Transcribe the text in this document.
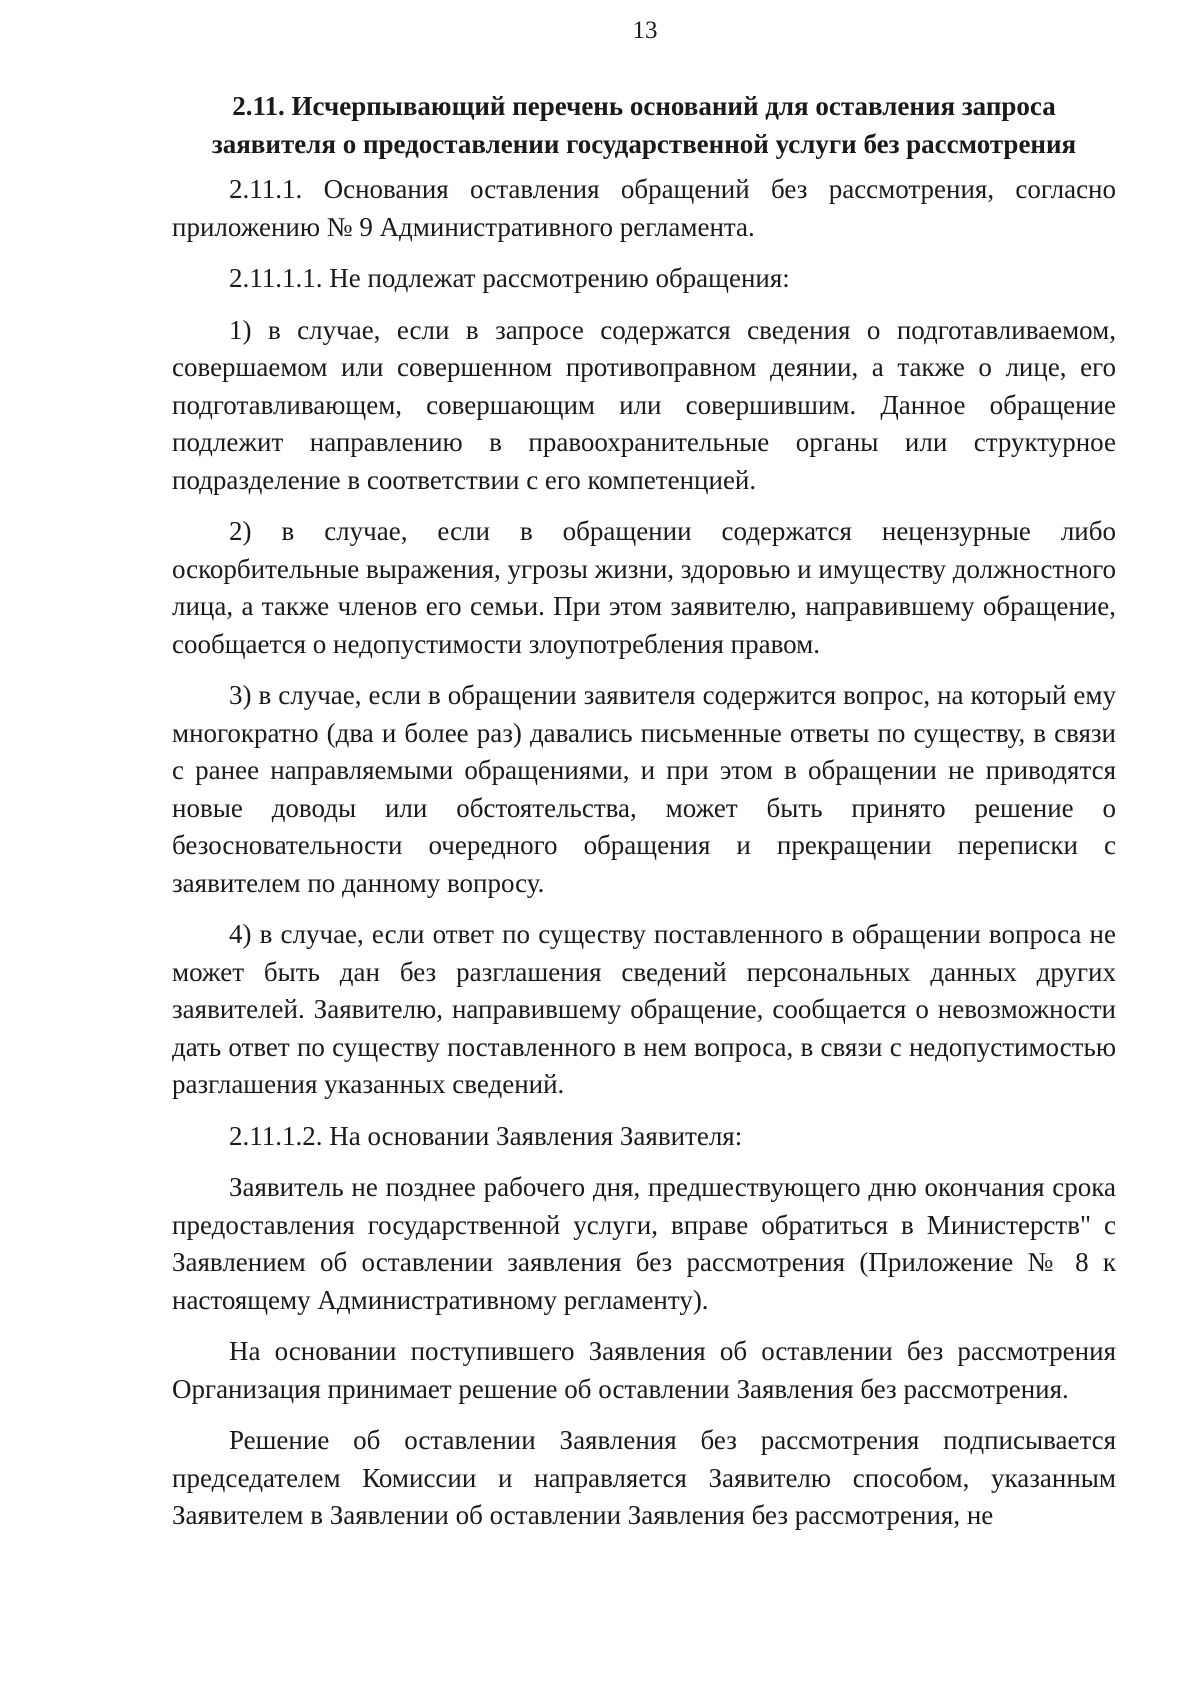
13
2.11. Исчерпывающий перечень оснований для оставления запроса
заявителя о предоставлении государственной услуги без рассмотрения

2.11.1. Основания оставления обращений без рассмотрения, согласно приложению № 9 Административного регламента.

2.11.1.1. Не подлежат рассмотрению обращения:

1) в случае, если в запросе содержатся сведения о подготавливаемом, совершаемом или совершенном противоправном деянии, а также о лице, его подготавливающем, совершающим или совершившим. Данное обращение подлежит направлению в правоохранительные органы или структурное подразделение в соответствии с его компетенцией.

2) в случае, если в обращении содержатся нецензурные либо оскорбительные выражения, угрозы жизни, здоровью и имуществу должностного лица, а также членов его семьи. При этом заявителю, направившему обращение, сообщается о недопустимости злоупотребления правом.

3) в случае, если в обращении заявителя содержится вопрос, на который ему многократно (два и более раз) давались письменные ответы по существу, в связи с ранее направляемыми обращениями, и при этом в обращении не приводятся новые доводы или обстоятельства, может быть принято решение о безосновательности очередного обращения и прекращении переписки с заявителем по данному вопросу.

4) в случае, если ответ по существу поставленного в обращении вопроса не может быть дан без разглашения сведений персональных данных других заявителей. Заявителю, направившему обращение, сообщается о невозможности дать ответ по существу поставленного в нем вопроса, в связи с недопустимостью разглашения указанных сведений.

2.11.1.2. На основании Заявления Заявителя:

Заявитель не позднее рабочего дня, предшествующего дню окончания срока предоставления государственной услуги, вправе обратиться в Министерств" с Заявлением об оставлении заявления без рассмотрения (Приложение № 8 к настоящему Административному регламенту).

На основании поступившего Заявления об оставлении без рассмотрения Организация принимает решение об оставлении Заявления без рассмотрения.

Решение об оставлении Заявления без рассмотрения подписывается председателем Комиссии и направляется Заявителю способом, указанным Заявителем в Заявлении об оставлении Заявления без рассмотрения, не
